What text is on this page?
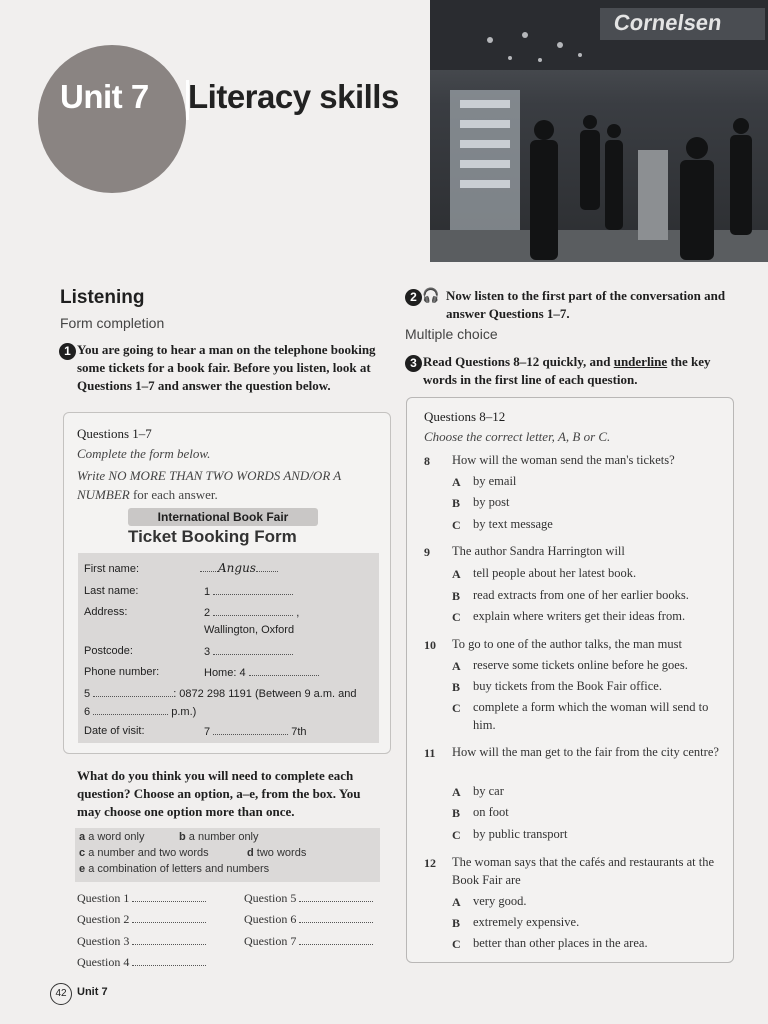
Unit 7 Literacy skills
Cornelsen
Listening
Form completion
1 You are going to hear a man on the telephone booking some tickets for a book fair. Before you listen, look at Questions 1–7 and answer the question below.
Questions 1–7
Complete the form below.
Write NO MORE THAN TWO WORDS AND/OR A NUMBER for each answer.
International Book Fair
Ticket Booking Form
First name:	Angus
Last name:	1
Address:	2	,
Wallington, Oxford
Postcode:	3
Phone number:	Home: 4
5	: 0872 298 1191 (Between 9 a.m. and
6	p.m.)
Date of visit:	7	7th
What do you think you will need to complete each question? Choose an option, a–e, from the box. You may choose one option more than once.
a a word only	b a number only
c a number and two words	d two words
e a combination of letters and numbers
Question 1
Question 2
Question 3
Question 4
Question 5
Question 6
Question 7
42 Unit 7
2 🎧 Now listen to the first part of the conversation and answer Questions 1–7.
Multiple choice
3 Read Questions 8–12 quickly, and underline the key words in the first line of each question.
Questions 8–12
Choose the correct letter, A, B or C.
8 How will the woman send the man's tickets?
A by email
B by post
C by text message
9 The author Sandra Harrington will
A tell people about her latest book.
B read extracts from one of her earlier books.
C explain where writers get their ideas from.
10 To go to one of the author talks, the man must
A reserve some tickets online before he goes.
B buy tickets from the Book Fair office.
C complete a form which the woman will send to him.
11 How will the man get to the fair from the city centre?
A by car
B on foot
C by public transport
12 The woman says that the cafés and restaurants at the Book Fair are
A very good.
B extremely expensive.
C better than other places in the area.
